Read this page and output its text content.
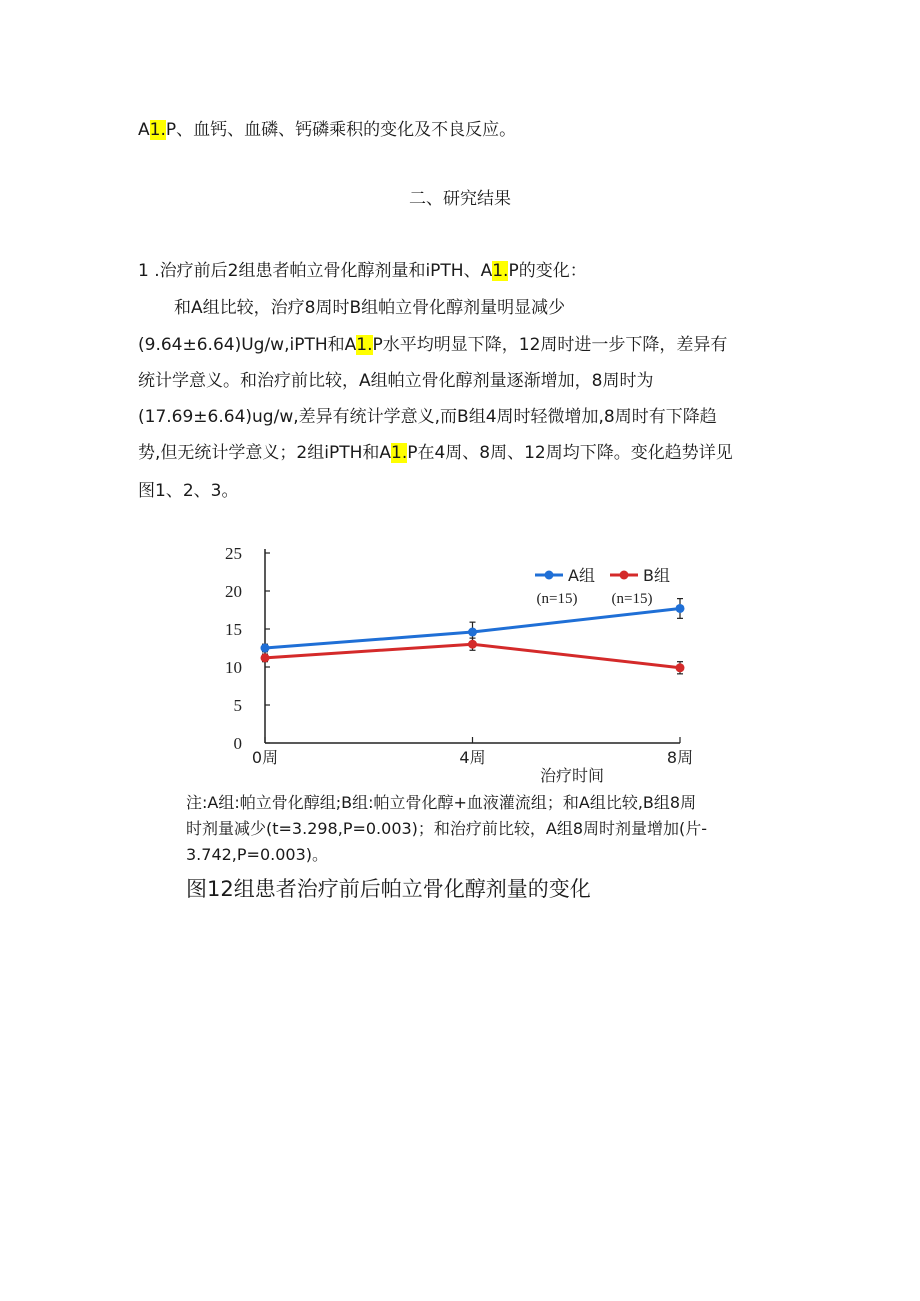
A1.P、血钙、血磷、钙磷乘积的变化及不良反应。
二、研究结果
1 .治疗前后2组患者帕立骨化醇剂量和iPTH、A1.P的变化：
和A组比较，治疗8周时B组帕立骨化醇剂量明显减少
(9.64±6.64)Ug/w,iPTH和A1.P水平均明显下降，12周时进一步下降，差异有
统计学意义。和治疗前比较，A组帕立骨化醇剂量逐渐增加，8周时为
(17.69±6.64)ug/w,差异有统计学意义,而B组4周时轻微增加,8周时有下降趋
势,但无统计学意义；2组iPTH和A1.P在4周、8周、12周均下降。变化趋势详见
图1、2、3。
0
5
10
15
20
25
0周	4周	8周
治疗时间
A组
(n=15)
B组
(n=15)
注:A组:帕立骨化醇组;B组:帕立骨化醇+血液灌流组；和A组比较,B组8周
时剂量减少(t=3.298,P=0.003)；和治疗前比较，A组8周时剂量增加(片-
3.742,P=0.003)。
图12组患者治疗前后帕立骨化醇剂量的变化
